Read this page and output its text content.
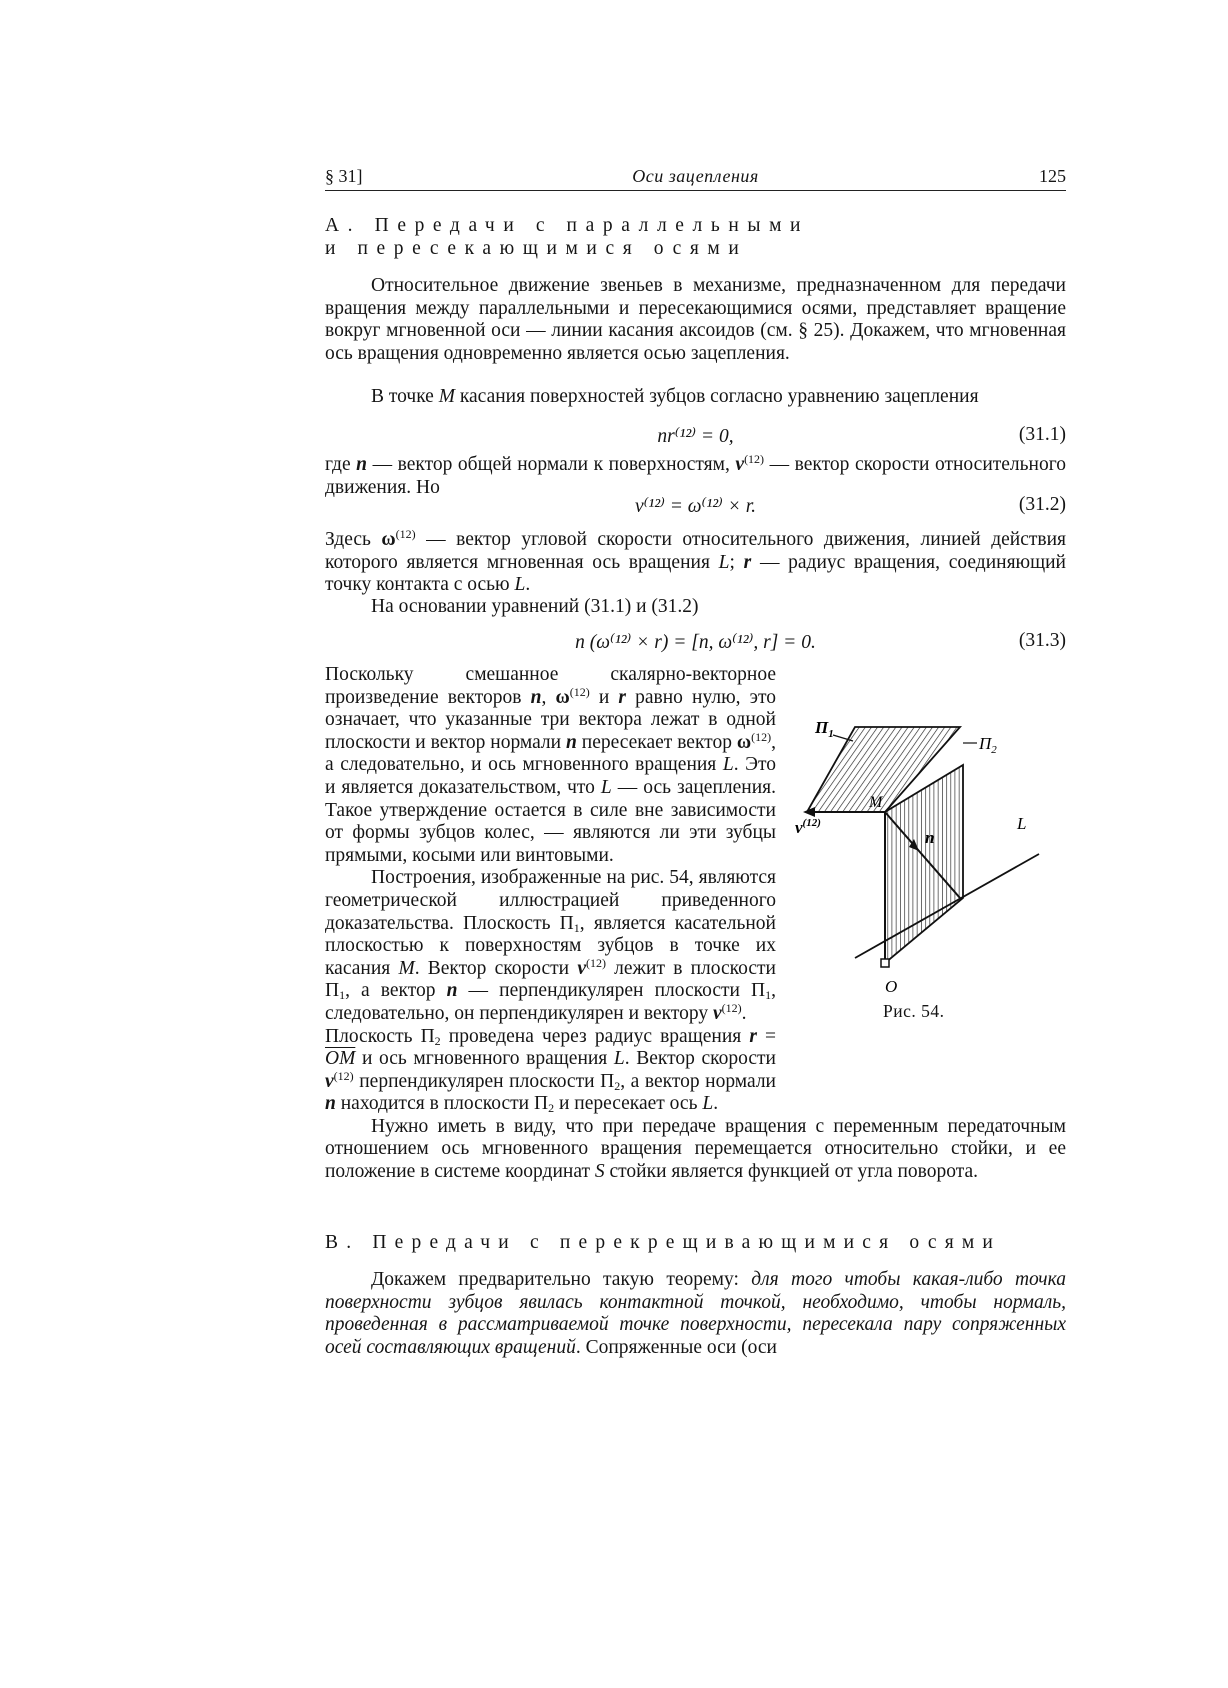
§ 31]	Оси зацепления	125
А. Передачи с параллельными
и пересекающимися осями
Относительное движение звеньев в механизме, предназначенном для передачи вращения между параллельными и пересекающимися осями, представляет вращение вокруг мгновенной оси — линии касания аксоидов (см. § 25). Докажем, что мгновенная ось вращения одновременно является осью зацепления.
В точке M касания поверхностей зубцов согласно уравнению зацепления
nr⁽¹²⁾ = 0,	(31.1)
где n — вектор общей нормали к поверхностям, $v^{(12)}$ — вектор скорости относительного движения. Но
v⁽¹²⁾ = ω⁽¹²⁾ × r.	(31.2)
Здесь $\omega^{(12)}$ — вектор угловой скорости относительного движения, линией действия которого является мгновенная ось вращения L; r — радиус вращения, соединяющий точку контакта с осью L.
На основании уравнений (31.1) и (31.2)
n (ω⁽¹²⁾ × r) = [n, ω⁽¹²⁾, r] = 0.	(31.3)
Поскольку смешанное скалярно-векторное произведение векторов n, $\omega^{(12)}$ и r равно нулю, это означает, что указанные три вектора лежат в одной плоскости и вектор нормали n пересекает вектор $\omega^{(12)}$, а следовательно, и ось мгновенного вращения L. Это и является доказательством, что L — ось зацепления. Такое утверждение остается в силе вне зависимости от формы зубцов колес, — являются ли эти зубцы прямыми, косыми или винтовыми.
Построения, изображенные на рис. 54, являются геометрической иллюстрацией приведенного доказательства. Плоскость $П_1$, является касательной плоскостью к поверхностям зубцов в точке их касания M. Вектор скорости $v^{(12)}$ лежит в плоскости $П_1$, а вектор n — перпендикулярен плоскости $П_1$, следовательно, он перпендикулярен и вектору $v^{(12)}$.
Плоскость $П_2$ проведена через радиус вращения $r = \overline{OM}$ и ось мгновенного вращения L. Вектор скорости $v^{(12)}$ перпендикулярен плоскости $П_2$, а вектор нормали n находится в плоскости $П_2$ и пересекает ось L.
Нужно иметь в виду, что при передаче вращения с переменным передаточным отношением ось мгновенного вращения перемещается относительно стойки, и ее положение в системе координат S стойки является функцией от угла поворота.
$П_1$	$П_2$
M
n
$v^{(12)}$	L
O
Рис. 54.
В. Передачи с перекрещивающимися осями
Докажем предварительно такую теорему: для того чтобы какая-либо точка поверхности зубцов явилась контактной точкой, необходимо, чтобы нормаль, проведенная в рассматриваемой точке поверхности, пересекала пару сопряженных осей составляющих вращений. Сопряженные оси (оси
